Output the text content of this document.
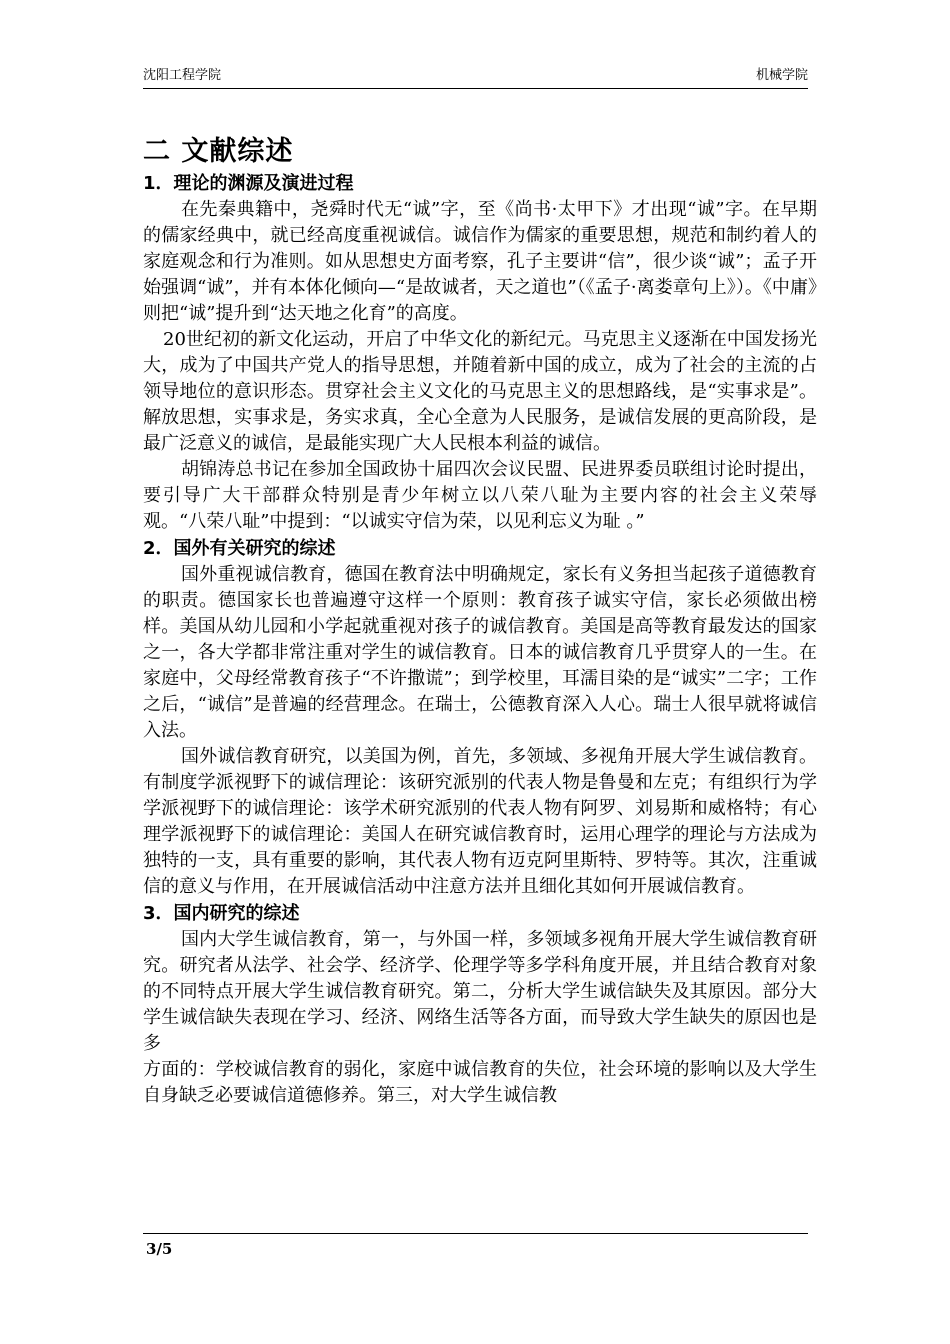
沈阳工程学院	机械学院
二 文献综述
1．理论的渊源及演进过程

在先秦典籍中，尧舜时代无“诚”字，至《尚书·太甲下》才出现“诚”字。在早期的儒家经典中，就已经高度重视诚信。诚信作为儒家的重要思想，规范和制约着人的家庭观念和行为准则。如从思想史方面考察，孔子主要讲“信”，很少谈“诚”；孟子开始强调“诚”，并有本体化倾向—“是故诚者，天之道也”（《孟子·离娄章句上》）。《中庸》则把“诚”提升到“达天地之化育”的高度。

20世纪初的新文化运动，开启了中华文化的新纪元。马克思主义逐渐在中国发扬光大，成为了中国共产党人的指导思想，并随着新中国的成立，成为了社会的主流的占领导地位的意识形态。贯穿社会主义文化的马克思主义的思想路线，是“实事求是”。解放思想，实事求是，务实求真，全心全意为人民服务，是诚信发展的更高阶段，是最广泛意义的诚信，是最能实现广大人民根本利益的诚信。

胡锦涛总书记在参加全国政协十届四次会议民盟、民进界委员联组讨论时提出，要引导广大干部群众特别是青少年树立以八荣八耻为主要内容的社会主义荣辱观。“八荣八耻”中提到：“以诚实守信为荣，以见利忘义为耻 。”

2．国外有关研究的综述

国外重视诚信教育，德国在教育法中明确规定，家长有义务担当起孩子道德教育的职责。德国家长也普遍遵守这样一个原则：教育孩子诚实守信，家长必须做出榜样。美国从幼儿园和小学起就重视对孩子的诚信教育。美国是高等教育最发达的国家之一，各大学都非常注重对学生的诚信教育。日本的诚信教育几乎贯穿人的一生。在家庭中，父母经常教育孩子“不许撒谎”；到学校里，耳濡目染的是“诚实”二字；工作之后，“诚信”是普遍的经营理念。在瑞士，公德教育深入人心。瑞士人很早就将诚信入法。

国外诚信教育研究，以美国为例，首先，多领域、多视角开展大学生诚信教育。有制度学派视野下的诚信理论：该研究派别的代表人物是鲁曼和左克；有组织行为学学派视野下的诚信理论：该学术研究派别的代表人物有阿罗、刘易斯和威格特；有心理学派视野下的诚信理论：美国人在研究诚信教育时，运用心理学的理论与方法成为独特的一支，具有重要的影响，其代表人物有迈克阿里斯特、罗特等。其次，注重诚信的意义与作用，在开展诚信活动中注意方法并且细化其如何开展诚信教育。

3．国内研究的综述

国内大学生诚信教育，第一，与外国一样，多领域多视角开展大学生诚信教育研究。研究者从法学、社会学、经济学、伦理学等多学科角度开展，并且结合教育对象的不同特点开展大学生诚信教育研究。第二，分析大学生诚信缺失及其原因。部分大学生诚信缺失表现在学习、经济、网络生活等各方面，而导致大学生缺失的原因也是多

方面的：学校诚信教育的弱化，家庭中诚信教育的失位，社会环境的影响以及大学生自身缺乏必要诚信道德修养。第三，对大学生诚信教

3/5
